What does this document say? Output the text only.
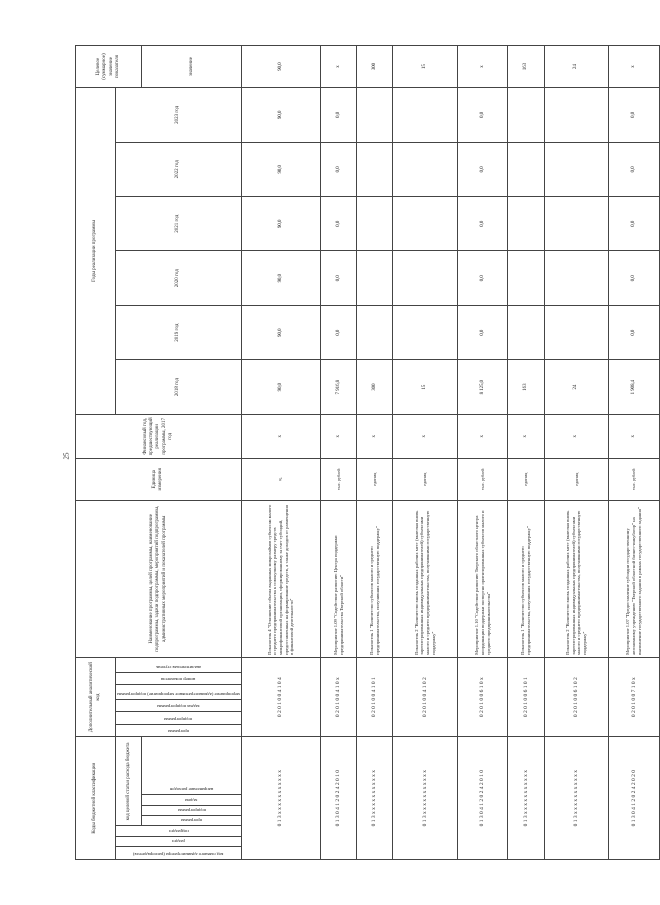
25
Коды бюджетной классификации							Дополнительный аналитический код						Наименование программы, целей программы, наименование подпрограммы, задачи подпрограммы, мероприятий подпрограммы, административных мероприятий и показателей программы	Единица измерения	Финансовый год, предшествующий реализации программы, 2017 год	Годы реализации программы						Целевое (суммарное) значение показателя

код главного администратора (распорядителя)	раздел	подраздел	код целевой статьи расхода бюджета				программа	подпрограмма	задача подпрограммы	мероприятие (административное мероприятие) подпрограммы	номер показателя	аналитическая ступень				2018 год	2019 год	2020 год	2021 год	2022 год	2023 год	

			программа	подпрограмма	задача	направление расходов																значение
0 1 3 х х х х х х х х х х х							0 2 0 1 0 0 4 1 0 4						Показатель 4 "Отношение объема выданных микрозаймов субъектам малого и среднего предпринимательства к совокупному размеру средств микрофинансовой организации, сформированному за счет субсидий, предоставленных на формирование средств, а также доходов от размещения в финансовой деятельности"	%	х	90,0	90,0	90,0	90,0	90,0	90,0	90,0
0 1 3 0 4 1 2 0 2 4 2 0 1 0							0 2 0 1 0 0 4 1 0 х						Мероприятие 1.09 "Содействие развитию Центра поддержки предпринимательства Тверской области"	тыс. рублей	х	7 916,8	0,0	0,0	0,0	0,0	0,0	х
0 1 3 х х х х х х х х х х х							0 2 0 1 0 0 4 1 0 1						Показатель 1 "Количество субъектов малого и среднего предпринимательства, получивших государственную поддержку"	единиц	х	300						300
0 1 3 х х х х х х х х х х х							0 2 0 1 0 0 4 1 0 2						Показатель 2 "Количество вновь созданных рабочих мест (включая вновь зарегистрированных индивидуальных предпринимателей) субъектами малого и среднего предпринимательства, получившими государственную поддержку"	единиц	х	15						15
0 1 3 0 4 1 2 0 2 4 2 0 1 0							0 2 0 1 0 0 6 1 0 х						Мероприятие 1.10 "Содействие развитию Тверского областного центра координации поддержки экспортно ориентированных субъектов малого и среднего предпринимательства"	тыс. рублей	х	8 125,0	0,0	0,0	0,0	0,0	0,0	х
0 1 3 х х х х х х х х х х х							0 2 0 1 0 0 6 1 0 1						Показатель 1 "Количество субъектов малого и среднего предпринимательства, получивших государственную поддержку"	единиц	х	163						163
0 1 3 х х х х х х х х х х х							0 2 0 1 0 0 6 1 0 2						Показатель 2 "Количество вновь созданных рабочих мест (включая вновь зарегистрированных индивидуальных предпринимателей) субъектами малого и среднего предпринимательства, получившими государственную поддержку"	единиц	х	24						24
0 1 3 0 4 1 2 0 2 4 2 0 2 0							0 2 0 1 0 0 7 1 0 х						Мероприятие 1.07 "Предоставление субсидии государственному автономному учреждению "Тверской областной бизнес-инкубатор" на выполнение государственного задания в рамках государственного задания"	тыс. рублей	х	1 908,4	0,0	0,0	0,0	0,0	0,0	х
